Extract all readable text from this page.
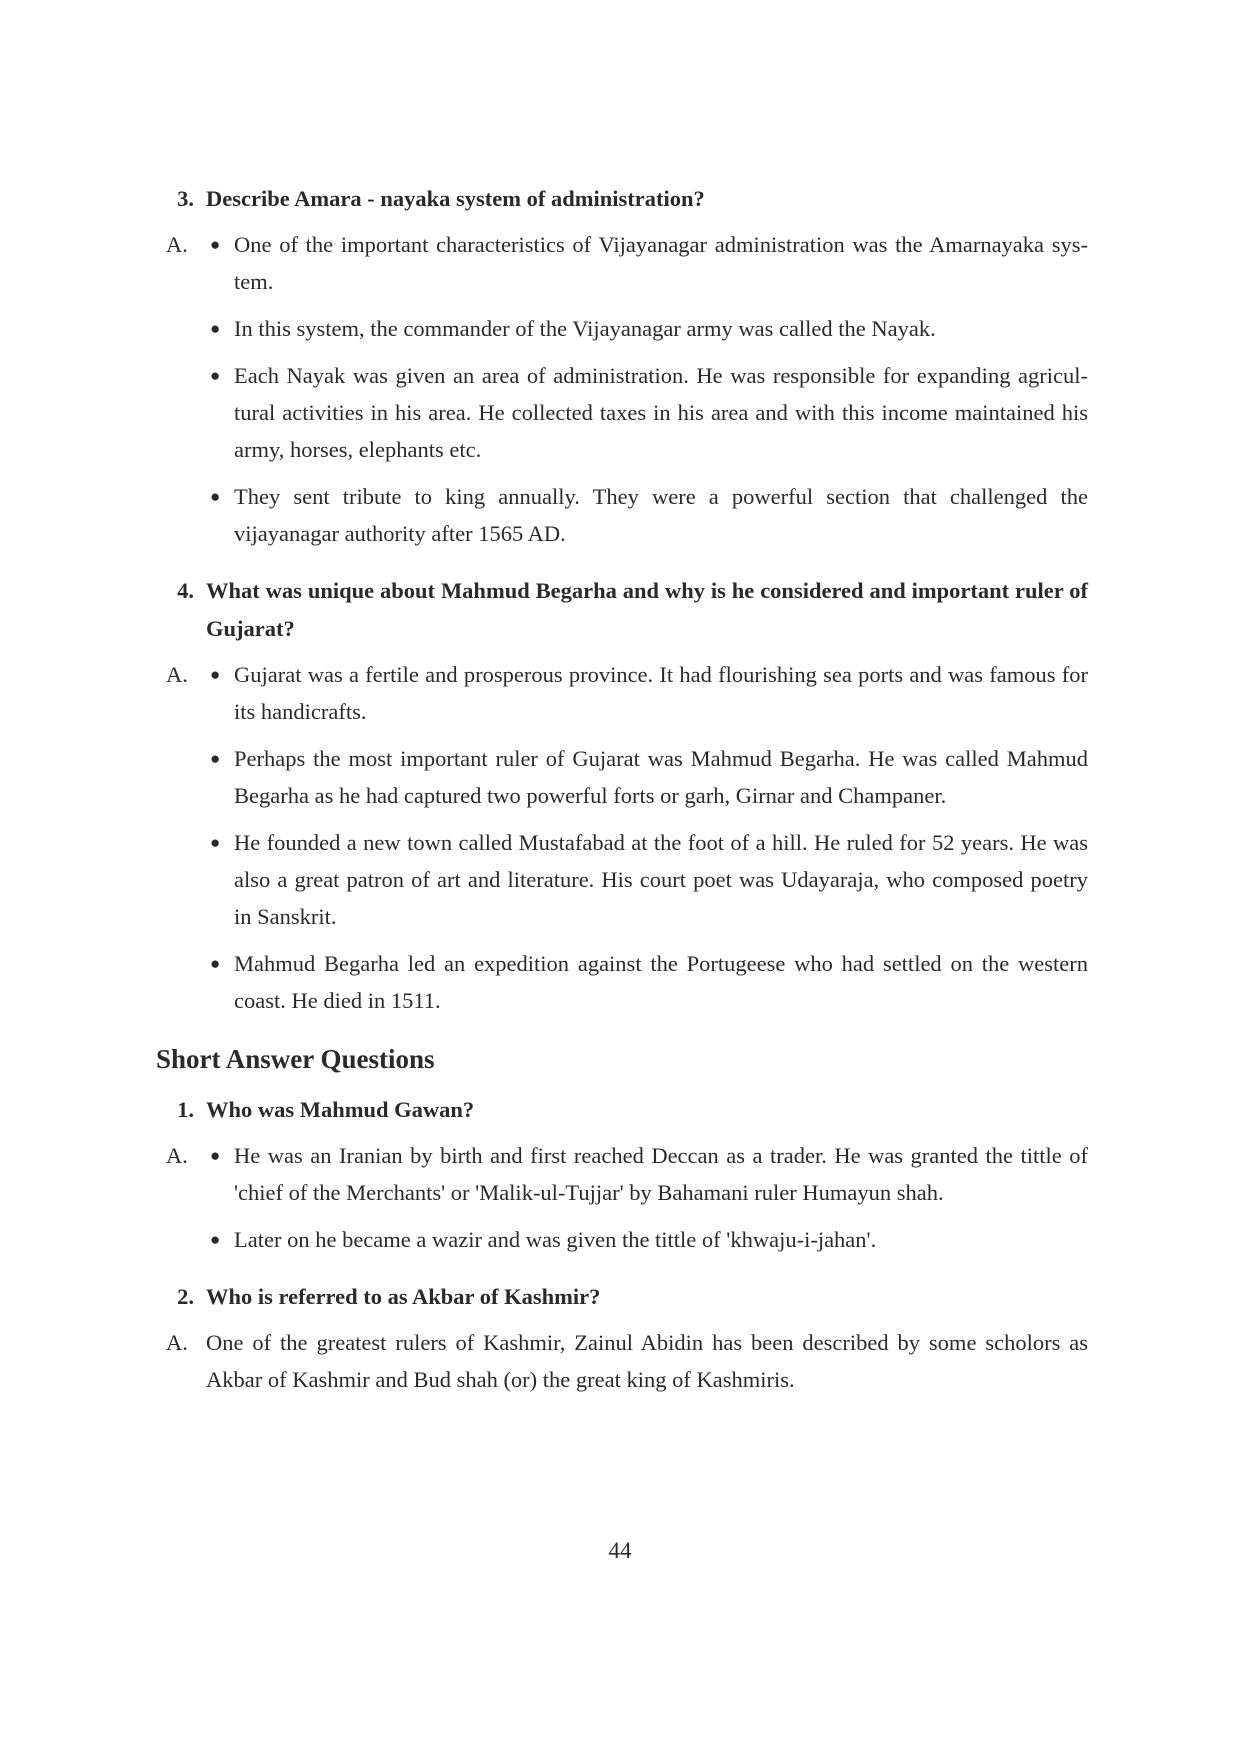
3. Describe Amara - nayaka system of administration?
A.	● One of the important characteristics of Vijayanagar administration was the Amarnayaka sys-tem.
● In this system, the commander of the Vijayanagar army was called the Nayak.
● Each Nayak was given an area of administration. He was responsible for expanding agricul-tural activities in his area. He collected taxes in his area and with this income maintained his army, horses, elephants etc.
● They sent tribute to king annually. They were a powerful section that challenged the vijayanagar authority after 1565 AD.
4. What was unique about Mahmud Begarha and why is he considered and important ruler of Gujarat?
A.	● Gujarat was a fertile and prosperous province. It had flourishing sea ports and was famous for its handicrafts.
● Perhaps the most important ruler of Gujarat was Mahmud Begarha. He was called Mahmud Begarha as he had captured two powerful forts or garh, Girnar and Champaner.
● He founded a new town called Mustafabad at the foot of a hill. He ruled for 52 years. He was also a great patron of art and literature. His court poet was Udayaraja, who composed poetry in Sanskrit.
● Mahmud Begarha led an expedition against the Portugeese who had settled on the western coast. He died in 1511.
Short Answer Questions
1. Who was Mahmud Gawan?
A.	● He was an Iranian by birth and first reached Deccan as a trader. He was granted the tittle of 'chief of the Merchants' or 'Malik-ul-Tujjar' by Bahamani ruler Humayun shah.
● Later on he became a wazir and was given the tittle of 'khwaju-i-jahan'.
2. Who is referred to as Akbar of Kashmir?
A. One of the greatest rulers of Kashmir, Zainul Abidin has been described by some scholors as Akbar of Kashmir and Bud shah (or) the great king of Kashmiris.
44
